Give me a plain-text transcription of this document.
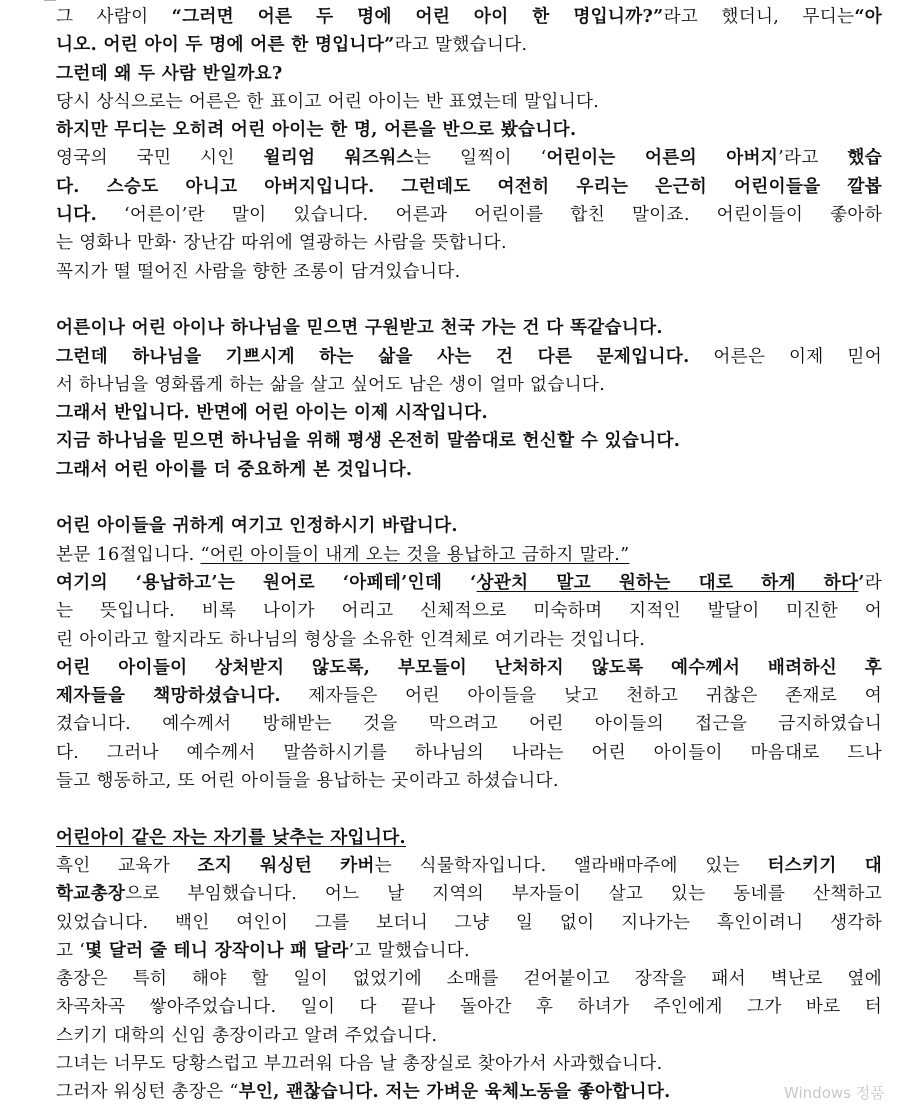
그 사람이 “그러면 어른 두 명에 어린 아이 한 명입니까?”라고 했더니, 무디는“아
니오. 어린 아이 두 명에 어른 한 명입니다”라고 말했습니다.
그런데 왜 두 사람 반일까요?
당시 상식으로는 어른은 한 표이고 어린 아이는 반 표였는데 말입니다.
하지만 무디는 오히려 어린 아이는 한 명, 어른을 반으로 봤습니다.
영국의 국민 시인 윌리엄 워즈워스는 일찍이 ‘어린이는 어른의 아버지’라고 했습
다. 스승도 아니고 아버지입니다. 그런데도 여전히 우리는 은근히 어린이들을 깔봅
니다. ‘어른이’란 말이 있습니다. 어른과 어린이를 합친 말이죠. 어린이들이 좋아하
는 영화나 만화· 장난감 따위에 열광하는 사람을 뜻합니다.
꼭지가 떨 떨어진 사람을 향한 조롱이 담겨있습니다.
어른이나 어린 아이나 하나님을 믿으면 구원받고 천국 가는 건 다 똑같습니다.
그런데 하나님을 기쁘시게 하는 삶을 사는 건 다른 문제입니다. 어른은 이제 믿어
서 하나님을 영화롭게 하는 삶을 살고 싶어도 남은 생이 얼마 없습니다.
그래서 반입니다. 반면에 어린 아이는 이제 시작입니다.
지금 하나님을 믿으면 하나님을 위해 평생 온전히 말씀대로 헌신할 수 있습니다.
그래서 어린 아이를 더 중요하게 본 것입니다.
어린 아이들을 귀하게 여기고 인정하시기 바랍니다.
본문 16절입니다. “어린 아이들이 내게 오는 것을 용납하고 금하지 말라.”
여기의 ‘용납하고’는 원어로 ‘아페테’인데 ‘상관치 말고 원하는 대로 하게 하다’라
는 뜻입니다. 비록 나이가 어리고 신체적으로 미숙하며 지적인 발달이 미진한 어
린 아이라고 할지라도 하나님의 형상을 소유한 인격체로 여기라는 것입니다.
어린 아이들이 상처받지 않도록, 부모들이 난처하지 않도록 예수께서 배려하신 후
제자들을 책망하셨습니다. 제자들은 어린 아이들을 낮고 천하고 귀찮은 존재로 여
겼습니다. 예수께서 방해받는 것을 막으려고 어린 아이들의 접근을 금지하였습니
다. 그러나 예수께서 말씀하시기를 하나님의 나라는 어린 아이들이 마음대로 드나
들고 행동하고, 또 어린 아이들을 용납하는 곳이라고 하셨습니다.
어린아이 같은 자는 자기를 낮추는 자입니다.
흑인 교육가 조지 워싱턴 카버는 식물학자입니다. 앨라배마주에 있는 터스키기 대
학교총장으로 부임했습니다. 어느 날 지역의 부자들이 살고 있는 동네를 산책하고
있었습니다. 백인 여인이 그를 보더니 그냥 일 없이 지나가는 흑인이려니 생각하
고 ‘몇 달러 줄 테니 장작이나 패 달라’고 말했습니다.
총장은 특히 해야 할 일이 없었기에 소매를 걷어붙이고 장작을 패서 벽난로 옆에
차곡차곡 쌓아주었습니다. 일이 다 끝나 돌아간 후 하녀가 주인에게 그가 바로 터
스키기 대학의 신임 총장이라고 알려 주었습니다.
그녀는 너무도 당황스럽고 부끄러워 다음 날 총장실로 찾아가서 사과했습니다.
그러자 워싱턴 총장은 “부인, 괜찮습니다. 저는 가벼운 육체노동을 좋아합니다.	Windows 정품
